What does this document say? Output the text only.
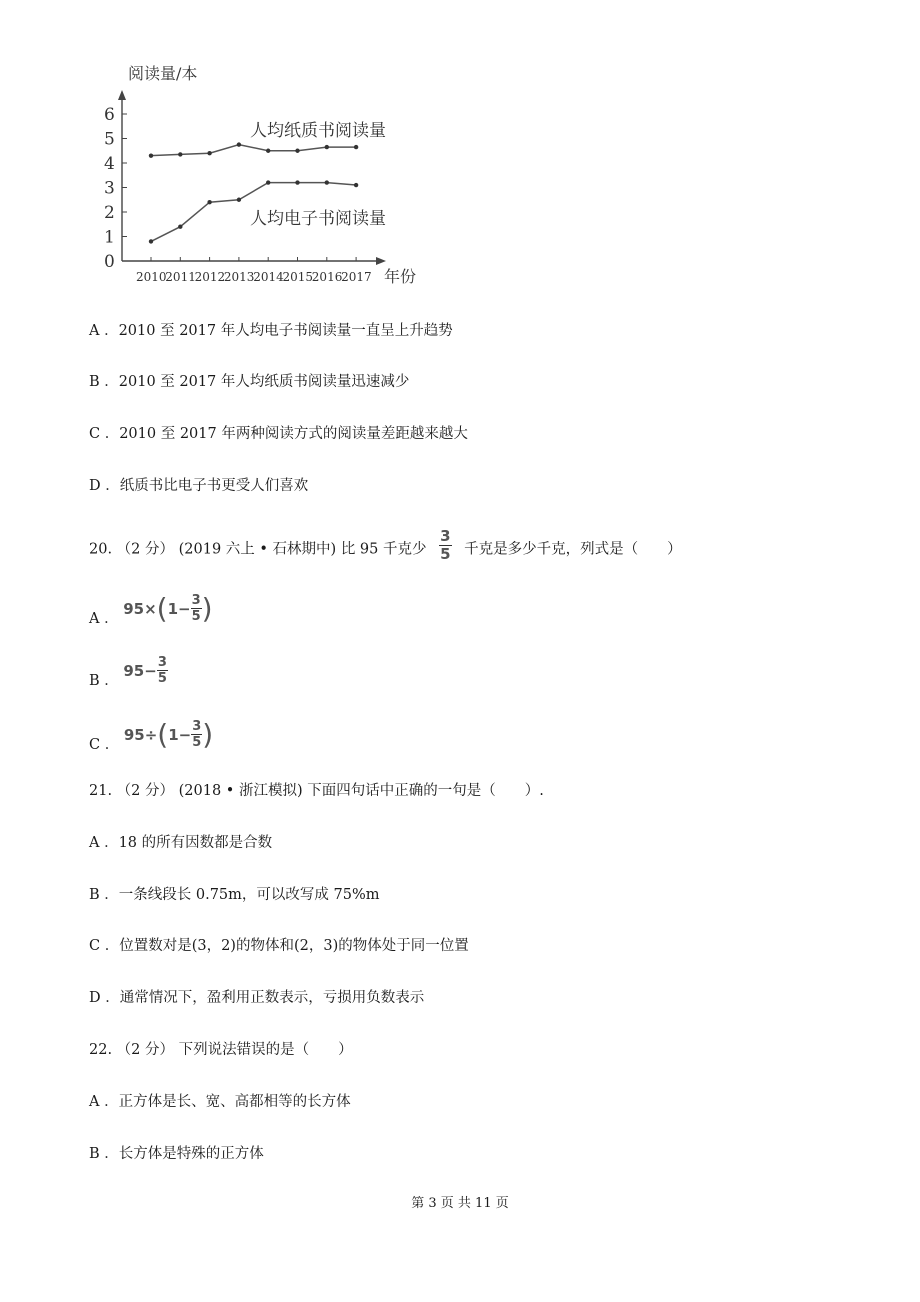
阅读量/本
年份
0
1
2
3
4
5
6
2010
2011
2012
2013
2014
2015
2016
2017
人均纸质书阅读量
人均电子书阅读量
A ．2010 至 2017 年人均电子书阅读量一直呈上升趋势
B ．2010 至 2017 年人均纸质书阅读量迅速减少
C ．2010 至 2017 年两种阅读方式的阅读量差距越来越大
D ．纸质书比电子书更受人们喜欢
20. （2 分） (2019 六上 • 石林期中) 比 95 千克少 $\frac{3}{5}$ 千克是多少千克，列式是（　　）
A ．
95× ( $1- \frac{3}{5}$ )
B ．
$95- \frac{3}{5}$
C ．
95÷ ( $1- \frac{3}{5}$ )
21. （2 分） (2018 • 浙江模拟) 下面四句话中正确的一句是（　　）.
A ．18 的所有因数都是合数
B ．一条线段长 0.75m，可以改写成 75%m
C ．位置数对是(3，2)的物体和(2，3)的物体处于同一位置
D ．通常情况下，盈利用正数表示，亏损用负数表示
22. （2 分） 下列说法错误的是（　　）
A ．正方体是长、宽、高都相等的长方体
B ．长方体是特殊的正方体
第 3 页 共 11 页
